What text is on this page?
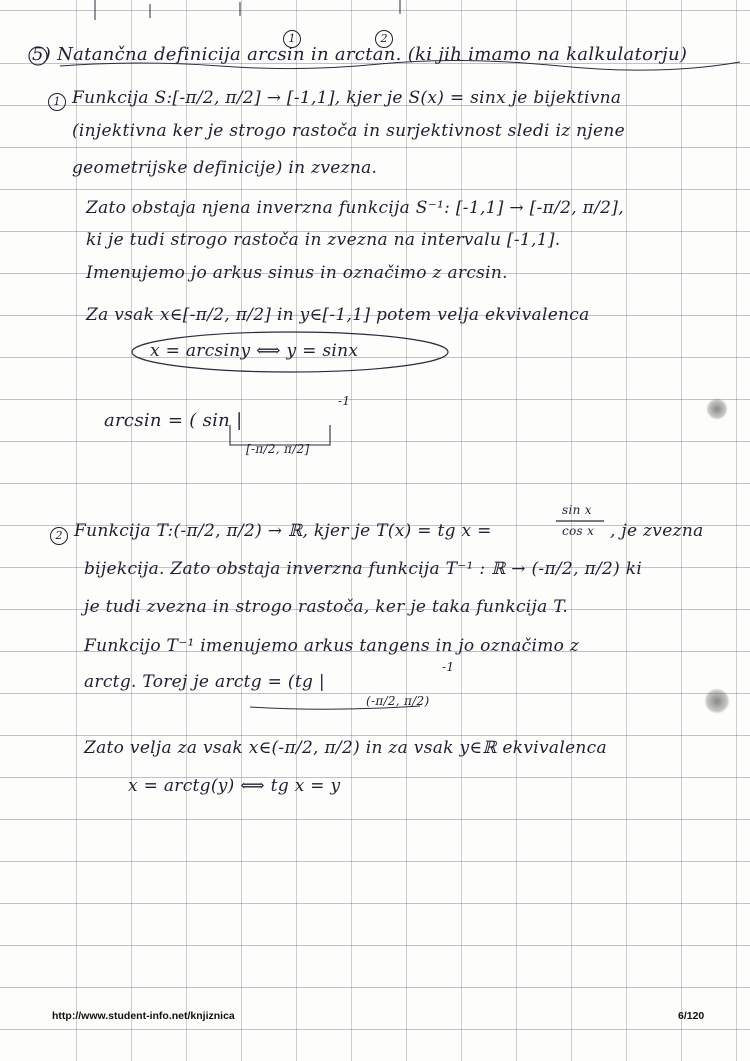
1	2
5) Natančna definicija arcsin in arctan. (ki jih imamo na kalkulatorju)
1 Funkcija S:[-π/2, π/2] → [-1,1], kjer je S(x) = sinx je bijektivna
(injektivna ker je strogo rastoča in surjektivnost sledi iz njene
geometrijske definicije) in zvezna.
Zato obstaja njena inverzna funkcija S⁻¹: [-1,1] → [-π/2, π/2],
ki je tudi strogo rastoča in zvezna na intervalu [-1,1].
Imenujemo jo arkus sinus in označimo z arcsin.
Za vsak x∈[-π/2, π/2] in y∈[-1,1] potem velja ekvivalenca
x = arcsiny ⟺ y = sinx
arcsin = ( sin |
-1
[-π/2, π/2]
2 Funkcija T:(-π/2, π/2) → ℝ, kjer je T(x) = tg x =
sin x
cos x , je zvezna
bijekcija. Zato obstaja inverzna funkcija T⁻¹ : ℝ → (-π/2, π/2) ki
je tudi zvezna in strogo rastoča, ker je taka funkcija T.
Funkcijo T⁻¹ imenujemo arkus tangens in jo označimo z
arctg. Torej je arctg = (tg |
-1
(-π/2, π/2)
Zato velja za vsak x∈(-π/2, π/2) in za vsak y∈ℝ ekvivalenca
x = arctg(y) ⟺ tg x = y
http://www.student-info.net/knjiznica	6/120
